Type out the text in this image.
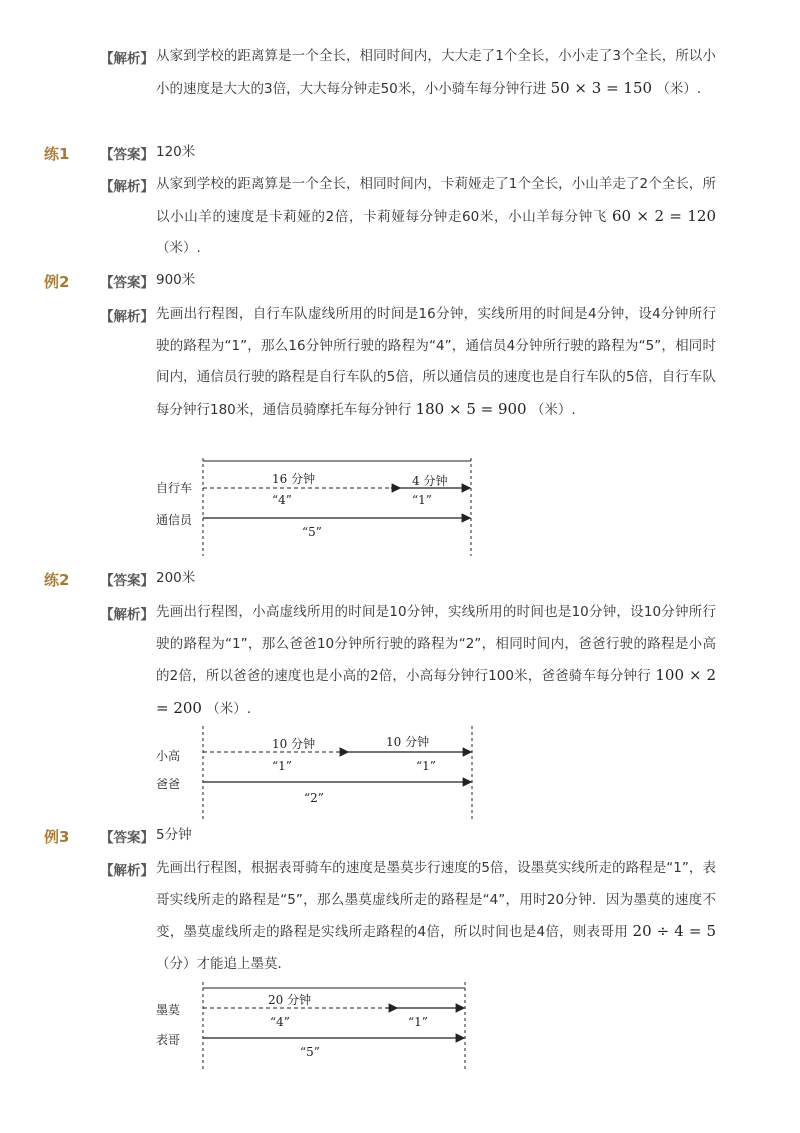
【解析】 从家到学校的距离算是一个全长，相同时间内，大大走了1个全长，小小走了3个全长，所以小小的速度是大大的3倍，大大每分钟走50米，小小骑车每分钟行进 50 × 3 = 150 （米）.
练1 【答案】 120米
【解析】 从家到学校的距离算是一个全长，相同时间内，卡莉娅走了1个全长，小山羊走了2个全长，所以小山羊的速度是卡莉娅的2倍，卡莉娅每分钟走60米，小山羊每分钟飞 60 × 2 = 120 （米）.
例2 【答案】 900米
【解析】 先画出行程图，自行车队虚线所用的时间是16分钟，实线所用的时间是4分钟，设4分钟所行驶的路程为“1”，那么16分钟所行驶的路程为“4”，通信员4分钟所行驶的路程为“5”，相同时间内，通信员行驶的路程是自行车队的5倍，所以通信员的速度也是自行车队的5倍，自行车队每分钟行180米，通信员骑摩托车每分钟行 180 × 5 = 900 （米）.
16 分钟	4 分钟
自行车
“4”	“1”
通信员
“5”
练2 【答案】 200米
【解析】 先画出行程图，小高虚线所用的时间是10分钟，实线所用的时间也是10分钟，设10分钟所行驶的路程为“1”，那么爸爸10分钟所行驶的路程为“2”，相同时间内，爸爸行驶的路程是小高的2倍，所以爸爸的速度也是小高的2倍，小高每分钟行100米，爸爸骑车每分钟行 100 × 2 = 200 （米）.
10 分钟	10 分钟
小高
“1”	“1”
爸爸
“2”
例3 【答案】 5分钟
【解析】 先画出行程图，根据表哥骑车的速度是墨莫步行速度的5倍，设墨莫实线所走的路程是“1”，表哥实线所走的路程是“5”，那么墨莫虚线所走的路程是“4”，用时20分钟．因为墨莫的速度不变，墨莫虚线所走的路程是实线所走路程的4倍，所以时间也是4倍，则表哥用 20 ÷ 4 = 5 （分）才能追上墨莫．
20 分钟
墨莫
“4”	“1”
表哥
“5”
